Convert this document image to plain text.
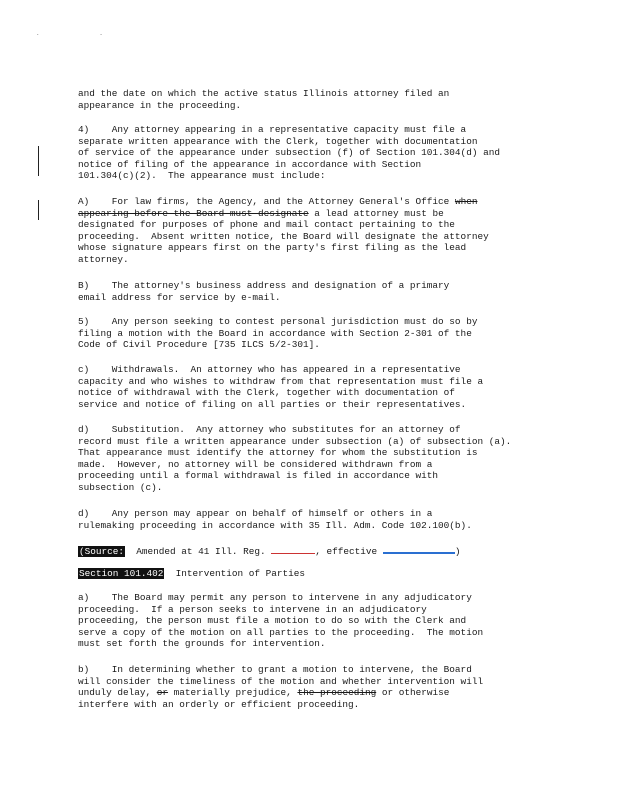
. .

and the date on which the active status Illinois attorney filed an
appearance in the proceeding.

4)    Any attorney appearing in a representative capacity must file a
separate written appearance with the Clerk, together with documentation
of service of the appearance under subsection (f) of Section 101.304(d) and
notice of filing of the appearance in accordance with Section
101.304(c)(2).  The appearance must include:

A)    For law firms, the Agency, and the Attorney General's Office when
appearing before the Board must designate a lead attorney must be
designated for purposes of phone and mail contact pertaining to the
proceeding.  Absent written notice, the Board will designate the attorney
whose signature appears first on the party's first filing as the lead
attorney.

B)    The attorney's business address and designation of a primary
email address for service by e-mail.

5)    Any person seeking to contest personal jurisdiction must do so by
filing a motion with the Board in accordance with Section 2-301 of the
Code of Civil Procedure [735 ILCS 5/2-301].

c)    Withdrawals.  An attorney who has appeared in a representative
capacity and who wishes to withdraw from that representation must file a
notice of withdrawal with the Clerk, together with documentation of
service and notice of filing on all parties or their representatives.

d)    Substitution.  Any attorney who substitutes for an attorney of
record must file a written appearance under subsection (a) of subsection (a).
That appearance must identify the attorney for whom the substitution is
made.  However, no attorney will be considered withdrawn from a
proceeding until a formal withdrawal is filed in accordance with
subsection (c).

d)    Any person may appear on behalf of himself or others in a
rulemaking proceeding in accordance with 35 Ill. Adm. Code 102.100(b).

(Source:  Amended at 41 Ill. Reg.	, effective	)

Section 101.402  Intervention of Parties

a)    The Board may permit any person to intervene in any adjudicatory
proceeding.  If a person seeks to intervene in an adjudicatory
proceeding, the person must file a motion to do so with the Clerk and
serve a copy of the motion on all parties to the proceeding.  The motion
must set forth the grounds for intervention.

b)    In determining whether to grant a motion to intervene, the Board
will consider the timeliness of the motion and whether intervention will
unduly delay, or materially prejudice, the proceeding or otherwise
interfere with an orderly or efficient proceeding.
